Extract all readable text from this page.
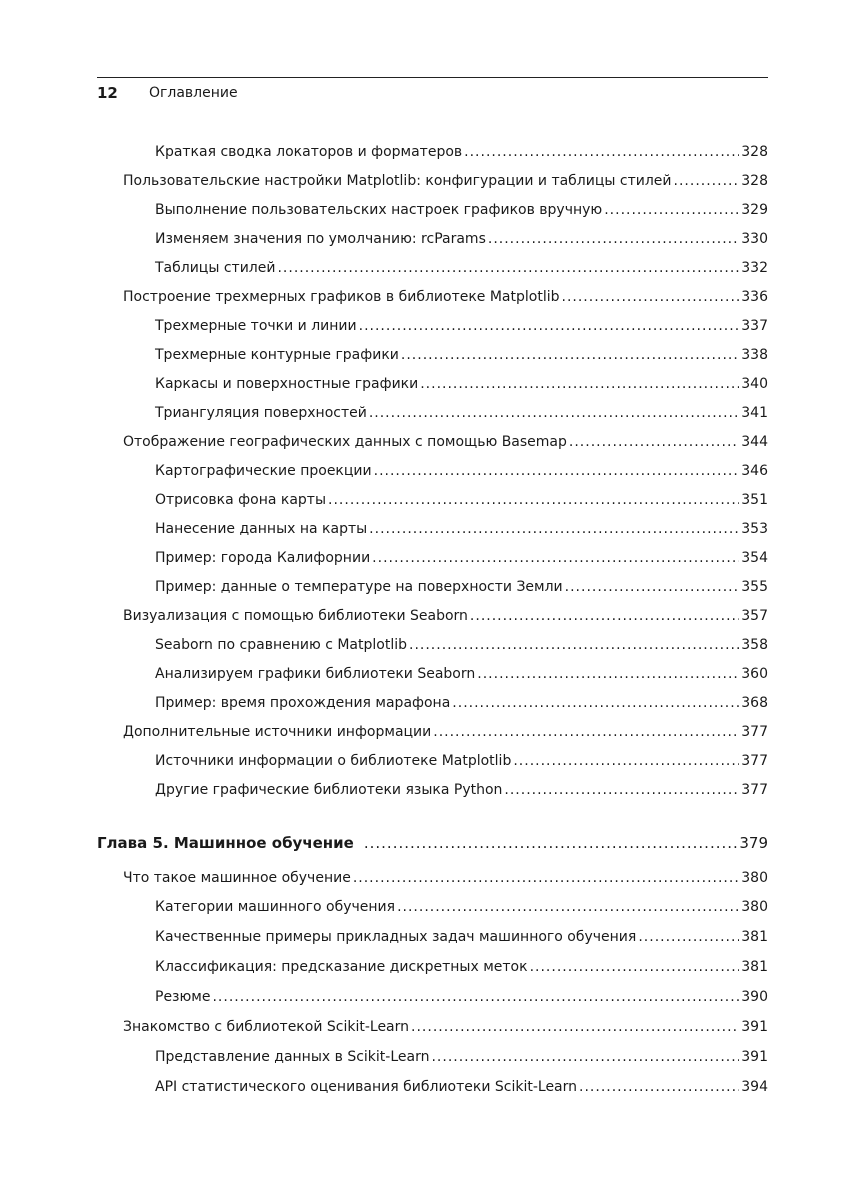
12 Оглавление
Краткая сводка локаторов и форматеров .....	328
Пользовательские настройки Matplotlib: конфигурации и таблицы стилей .....	328
Выполнение пользовательских настроек графиков вручную .....	329
Изменяем значения по умолчанию: rcParams .....	330
Таблицы стилей .....	332
Построение трехмерных графиков в библиотеке Matplotlib .....	336
Трехмерные точки и линии .....	337
Трехмерные контурные графики .....	338
Каркасы и поверхностные графики .....	340
Триангуляция поверхностей .....	341
Отображение географических данных с помощью Basemap .....	344
Картографические проекции .....	346
Отрисовка фона карты .....	351
Нанесение данных на карты .....	353
Пример: города Калифорнии .....	354
Пример: данные о температуре на поверхности Земли .....	355
Визуализация с помощью библиотеки Seaborn .....	357
Seaborn по сравнению с Matplotlib .....	358
Анализируем графики библиотеки Seaborn .....	360
Пример: время прохождения марафона .....	368
Дополнительные источники информации .....	377
Источники информации о библиотеке Matplotlib .....	377
Другие графические библиотеки языка Python .....	377
Глава 5. Машинное обучение .....	379
Что такое машинное обучение .....	380
Категории машинного обучения .....	380
Качественные примеры прикладных задач машинного обучения .....	381
Классификация: предсказание дискретных меток .....	381
Резюме .....	390
Знакомство с библиотекой Scikit-Learn .....	391
Представление данных в Scikit-Learn .....	391
API статистического оценивания библиотеки Scikit-Learn .....	394
